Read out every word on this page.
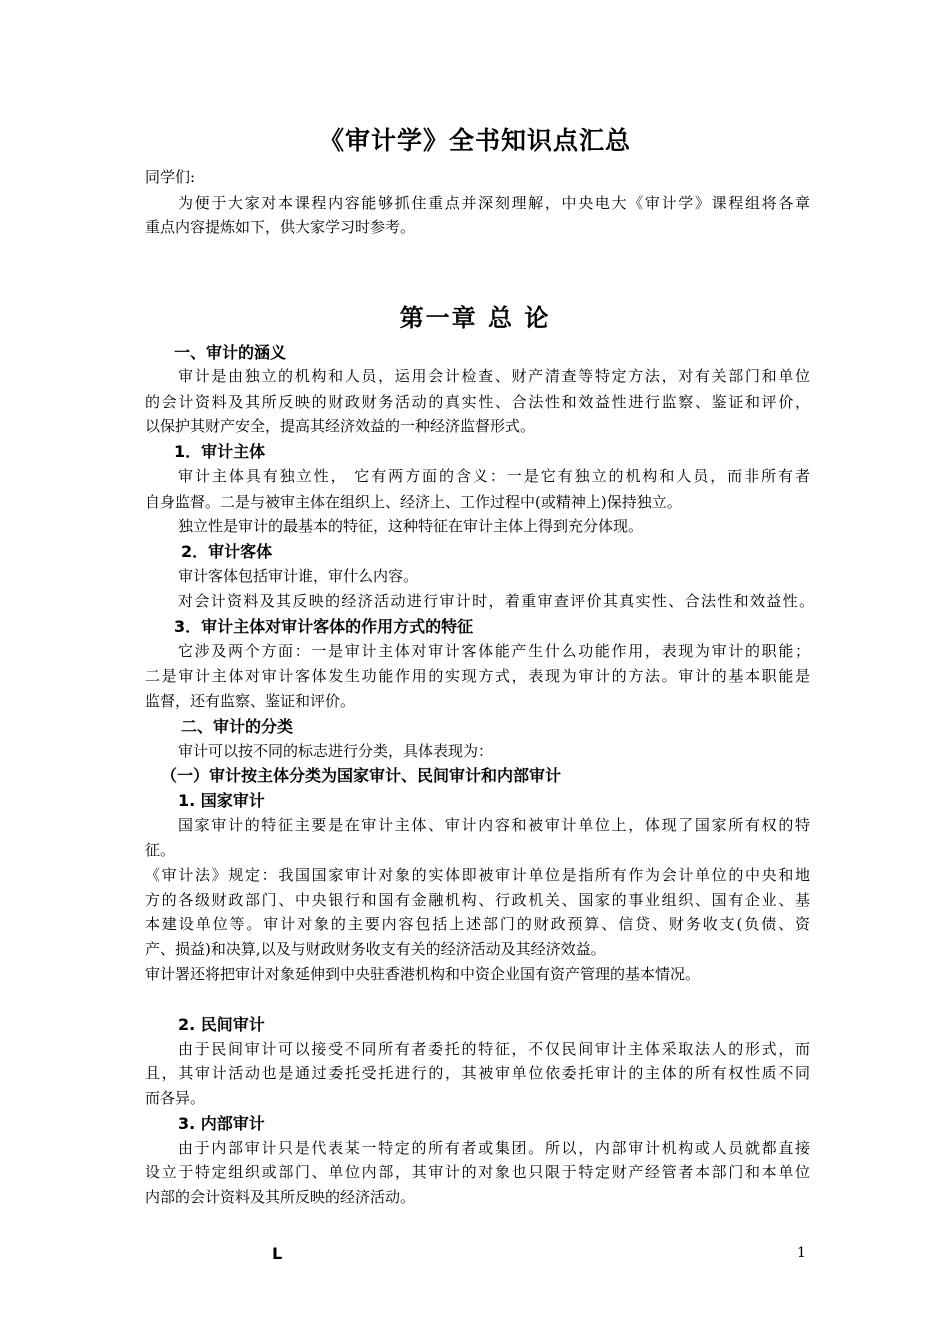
《审计学》全书知识点汇总
同学们:
为便于大家对本课程内容能够抓住重点并深刻理解，中央电大《审计学》课程组将各章
重点内容提炼如下，供大家学习时参考。
第一章 总 论
一、审计的涵义
审计是由独立的机构和人员，运用会计检查、财产清查等特定方法，对有关部门和单位
的会计资料及其所反映的财政财务活动的真实性、合法性和效益性进行监察、鉴证和评价，
以保护其财产安全，提高其经济效益的一种经济监督形式。
1．审计主体
审计主体具有独立性， 它有两方面的含义：一是它有独立的机构和人员，而非所有者
自身监督。二是与被审主体在组织上、经济上、工作过程中(或精神上)保持独立。
独立性是审计的最基本的特征，这种特征在审计主体上得到充分体现。
2．审计客体
审计客体包括审计谁，审什么内容。
对会计资料及其反映的经济活动进行审计时，着重审查评价其真实性、合法性和效益性。
3．审计主体对审计客体的作用方式的特征
它涉及两个方面：一是审计主体对审计客体能产生什么功能作用，表现为审计的职能；
二是审计主体对审计客体发生功能作用的实现方式，表现为审计的方法。审计的基本职能是
监督，还有监察、鉴证和评价。
二、审计的分类
审计可以按不同的标志进行分类，具体表现为：
（一）审计按主体分类为国家审计、民间审计和内部审计
1. 国家审计
国家审计的特征主要是在审计主体、审计内容和被审计单位上，体现了国家所有权的特
征。
《审计法》规定：我国国家审计对象的实体即被审计单位是指所有作为会计单位的中央和地
方的各级财政部门、中央银行和国有金融机构、行政机关、国家的事业组织、国有企业、基
本建设单位等。审计对象的主要内容包括上述部门的财政预算、信贷、财务收支(负债、资
产、损益)和决算,以及与财政财务收支有关的经济活动及其经济效益。
审计署还将把审计对象延伸到中央驻香港机构和中资企业国有资产管理的基本情况。
2. 民间审计
由于民间审计可以接受不同所有者委托的特征，不仅民间审计主体采取法人的形式，而
且，其审计活动也是通过委托受托进行的，其被审单位依委托审计的主体的所有权性质不同
而各异。
3. 内部审计
由于内部审计只是代表某一特定的所有者或集团。所以，内部审计机构或人员就都直接
设立于特定组织或部门、单位内部，其审计的对象也只限于特定财产经管者本部门和本单位
内部的会计资料及其所反映的经济活动。
L	1
